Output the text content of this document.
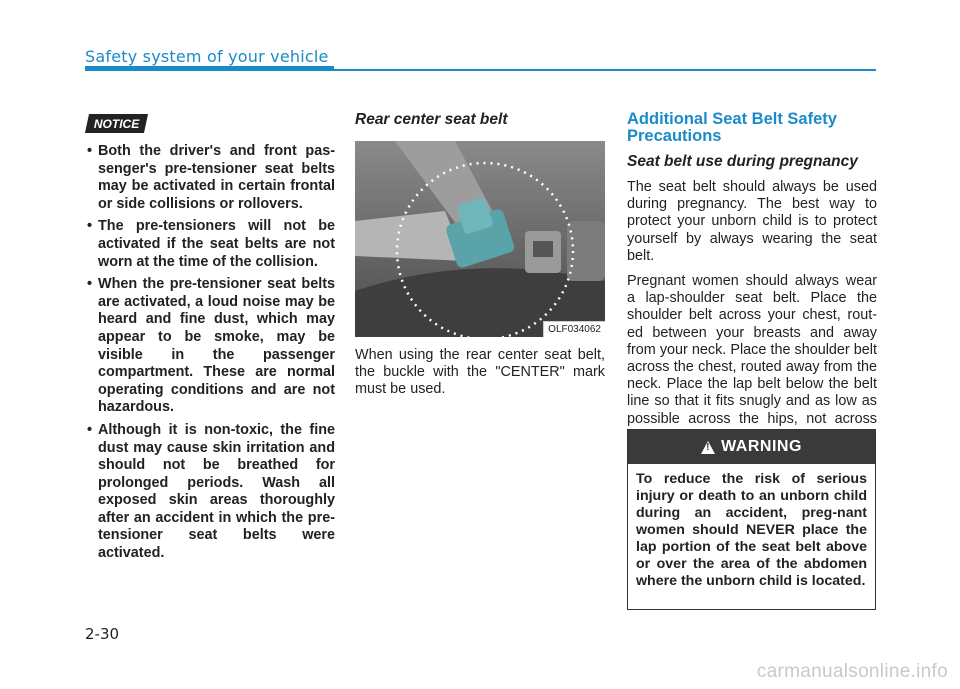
Safety system of your vehicle
NOTICE
• Both the driver's and front pas-senger's pre-tensioner seat belts may be activated in certain frontal or side collisions or rollovers.
• The pre-tensioners will not be activated if the seat belts are not worn at the time of the collision.
• When the pre-tensioner seat belts are activated, a loud noise may be heard and fine dust, which may appear to be smoke, may be visible in the passenger compartment. These are normal operating conditions and are not hazardous.
• Although it is non-toxic, the fine dust may cause skin irritation and should not be breathed for prolonged periods. Wash all exposed skin areas thoroughly after an accident in which the pre-tensioner seat belts were activated.
Rear center seat belt
OLF034062

When using the rear center seat belt, the buckle with the "CENTER" mark must be used.

Additional Seat Belt Safety Precautions
Seat belt use during pregnancy

The seat belt should always be used during pregnancy. The best way to protect your unborn child is to protect yourself by always wearing the seat belt.

Pregnant women should always wear a lap-shoulder seat belt. Place the shoulder belt across your chest, rout-ed between your breasts and away from your neck. Place the shoulder belt across the chest, routed away from the neck. Place the lap belt below the belt line so that it fits snugly and as low as possible across the hips, not across

!
WARNING
To reduce the risk of serious injury or death to an unborn child during an accident, preg-nant women should NEVER place the lap portion of the seat belt above or over the area of the abdomen where the unborn child is located.
2-30
carmanualsonline.info
